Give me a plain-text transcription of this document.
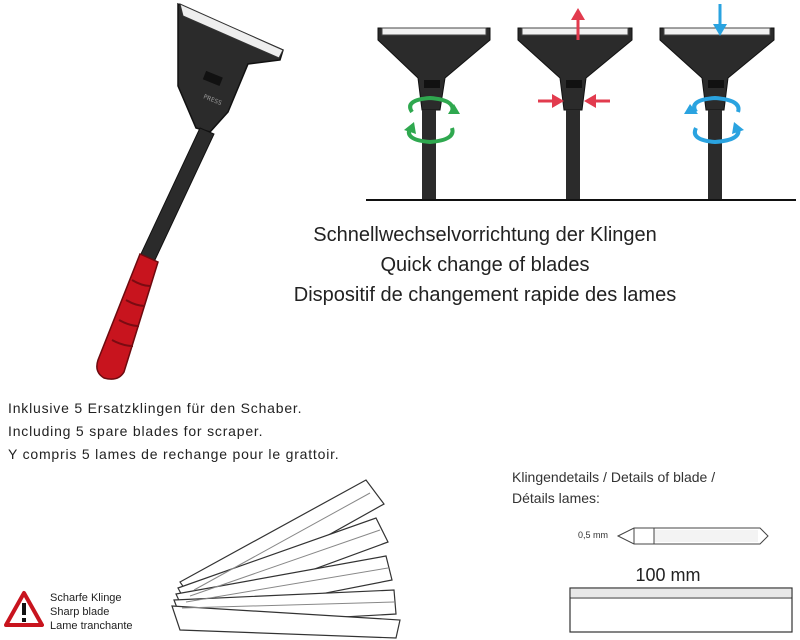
PRESS
Schnellwechselvorrichtung der Klingen
Quick change of blades
Dispositif de changement rapide des lames
Inklusive 5 Ersatzklingen für den Schaber.
Including 5 spare blades for scraper.
Y compris 5 lames de rechange pour le grattoir.
Scharfe Klinge
Sharp blade
Lame tranchante
Klingendetails / Details of blade /
Détails lames:
0,5 mm
100 mm
